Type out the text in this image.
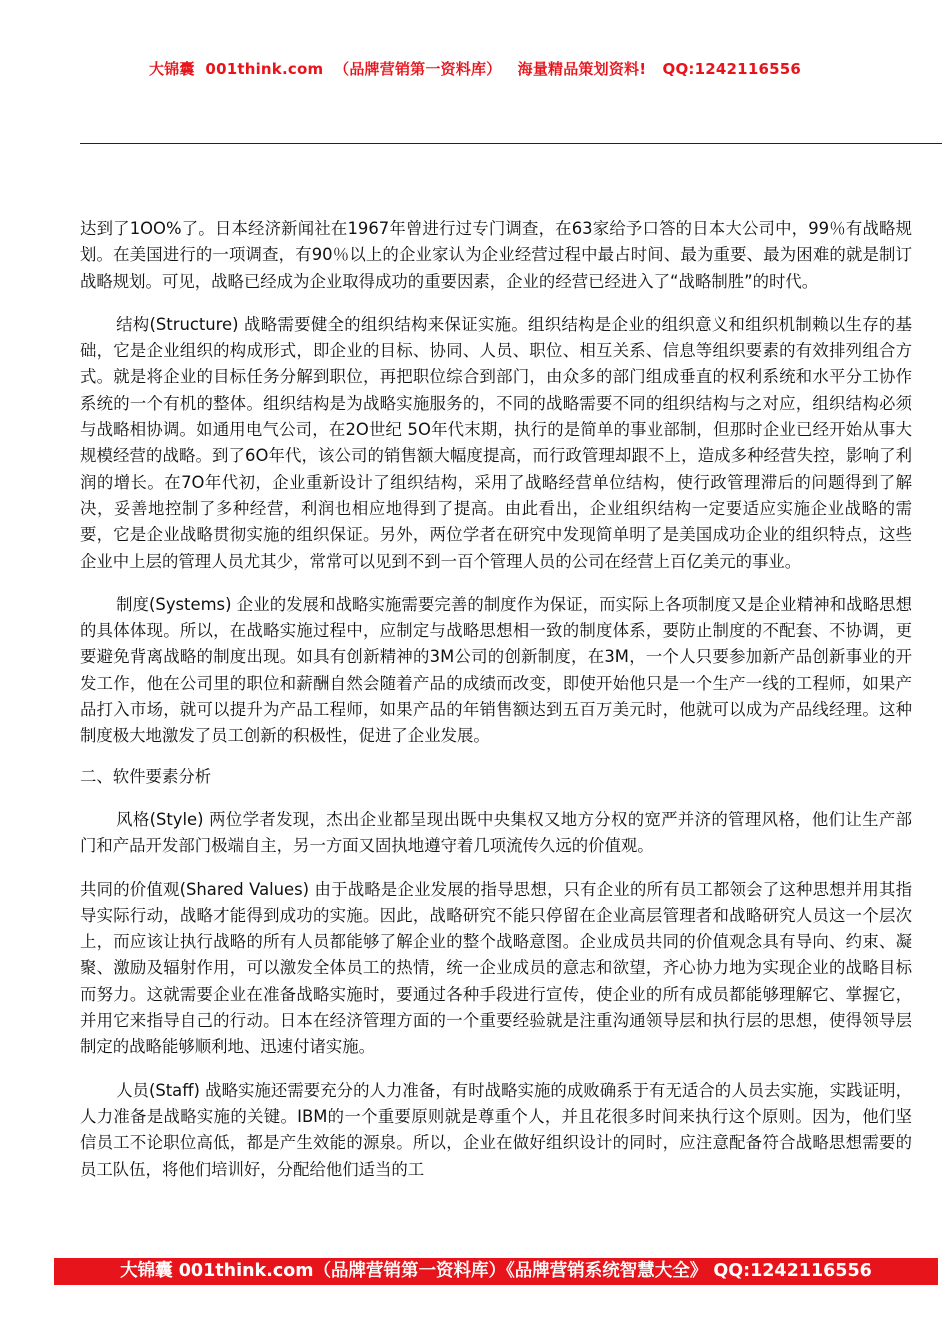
大锦囊  001think.com  （品牌营销第一资料库）   海量精品策划资料!   QQ:1242116556

达到了1OO%了。日本经济新闻社在1967年曾进行过专门调查，在63家给予口答的日本大公司中，99％有战略规划。在美国进行的一项调查，有90％以上的企业家认为企业经营过程中最占时间、最为重要、最为困难的就是制订战略规划。可见，战略已经成为企业取得成功的重要因素，企业的经营已经进入了“战略制胜”的时代。

结构(Structure) 战略需要健全的组织结构来保证实施。组织结构是企业的组织意义和组织机制赖以生存的基础，它是企业组织的构成形式，即企业的目标、协同、人员、职位、相互关系、信息等组织要素的有效排列组合方式。就是将企业的目标任务分解到职位，再把职位综合到部门，由众多的部门组成垂直的权利系统和水平分工协作系统的一个有机的整体。组织结构是为战略实施服务的，不同的战略需要不同的组织结构与之对应，组织结构必须与战略相协调。如通用电气公司，在2O世纪 5O年代末期，执行的是简单的事业部制，但那时企业已经开始从事大规模经营的战略。到了6O年代，该公司的销售额大幅度提高，而行政管理却跟不上，造成多种经营失控，影响了利润的增长。在7O年代初，企业重新设计了组织结构，采用了战略经营单位结构，使行政管理滞后的问题得到了解决，妥善地控制了多种经营，利润也相应地得到了提高。由此看出，企业组织结构一定要适应实施企业战略的需要，它是企业战略贯彻实施的组织保证。另外，两位学者在研究中发现简单明了是美国成功企业的组织特点，这些企业中上层的管理人员尤其少，常常可以见到不到一百个管理人员的公司在经营上百亿美元的事业。

制度(Systems) 企业的发展和战略实施需要完善的制度作为保证，而实际上各项制度又是企业精神和战略思想的具体体现。所以，在战略实施过程中，应制定与战略思想相一致的制度体系，要防止制度的不配套、不协调，更要避免背离战略的制度出现。如具有创新精神的3M公司的创新制度，在3M，一个人只要参加新产品创新事业的开发工作，他在公司里的职位和薪酬自然会随着产品的成绩而改变，即使开始他只是一个生产一线的工程师，如果产品打入市场，就可以提升为产品工程师，如果产品的年销售额达到五百万美元时，他就可以成为产品线经理。这种制度极大地激发了员工创新的积极性，促进了企业发展。

二、软件要素分析

风格(Style) 两位学者发现，杰出企业都呈现出既中央集权又地方分权的宽严并济的管理风格，他们让生产部门和产品开发部门极端自主，另一方面又固执地遵守着几项流传久远的价值观。

共同的价值观(Shared Values) 由于战略是企业发展的指导思想，只有企业的所有员工都领会了这种思想并用其指导实际行动，战略才能得到成功的实施。因此，战略研究不能只停留在企业高层管理者和战略研究人员这一个层次上，而应该让执行战略的所有人员都能够了解企业的整个战略意图。企业成员共同的价值观念具有导向、约束、凝聚、激励及辐射作用，可以激发全体员工的热情，统一企业成员的意志和欲望，齐心协力地为实现企业的战略目标而努力。这就需要企业在准备战略实施时，要通过各种手段进行宣传，使企业的所有成员都能够理解它、掌握它，并用它来指导自己的行动。日本在经济管理方面的一个重要经验就是注重沟通领导层和执行层的思想，使得领导层制定的战略能够顺利地、迅速付诸实施。

人员(Staff) 战略实施还需要充分的人力准备，有时战略实施的成败确系于有无适合的人员去实施，实践证明，人力准备是战略实施的关键。IBM的一个重要原则就是尊重个人，并且花很多时间来执行这个原则。因为，他们坚信员工不论职位高低，都是产生效能的源泉。所以，企业在做好组织设计的同时，应注意配备符合战略思想需要的员工队伍，将他们培训好，分配给他们适当的工

大锦囊 001think.com（品牌营销第一资料库）《品牌营销系统智慧大全》 QQ:1242116556
